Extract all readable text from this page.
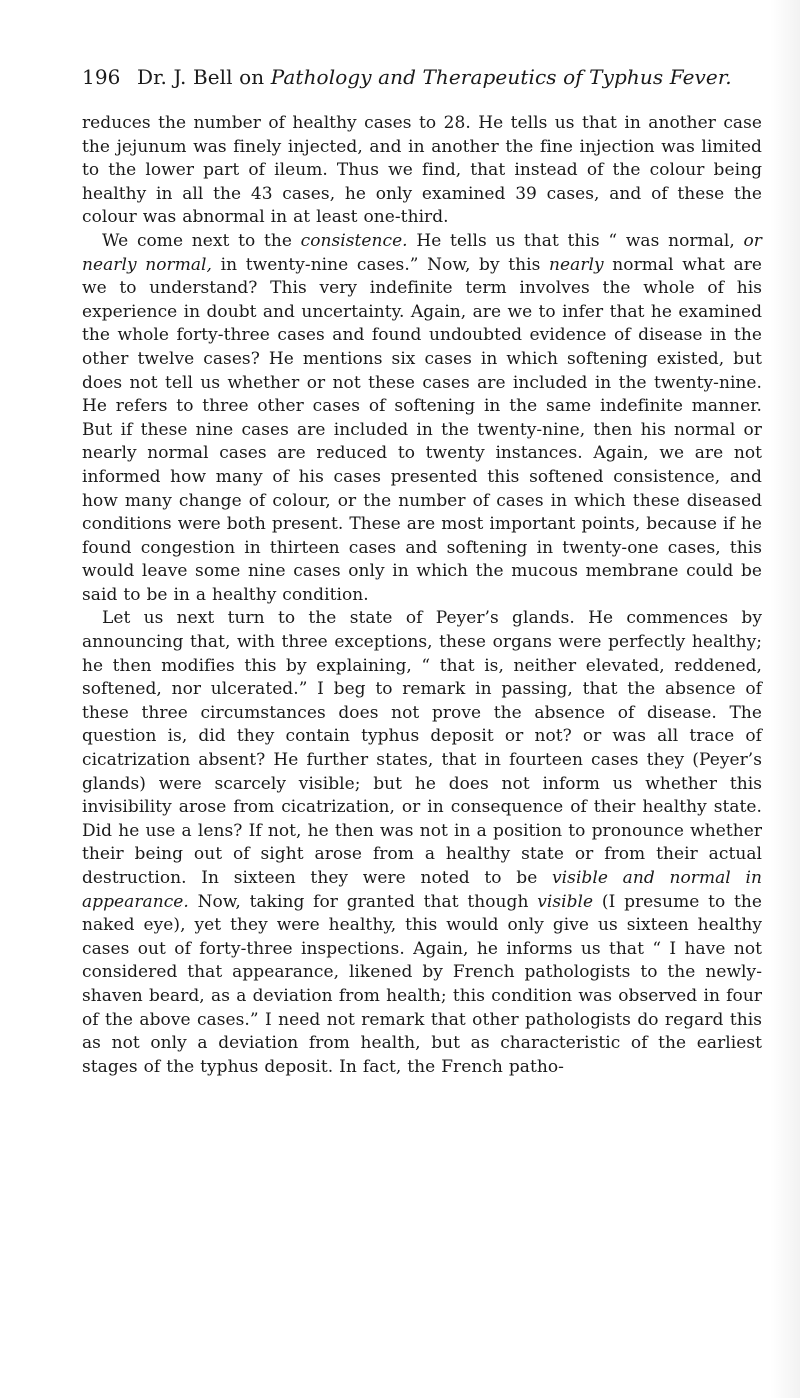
196 Dr. J. Bell on Pathology and Therapeutics of Typhus Fever.

reduces the number of healthy cases to 28. He tells us that in another case the jejunum was finely injected, and in another the fine injection was limited to the lower part of ileum. Thus we find, that instead of the colour being healthy in all the 43 cases, he only examined 39 cases, and of these the colour was abnormal in at least one-third.

We come next to the consistence. He tells us that this “ was normal, or nearly normal, in twenty-nine cases.” Now, by this nearly normal what are we to understand? This very indefinite term involves the whole of his experience in doubt and uncertainty. Again, are we to infer that he examined the whole forty-three cases and found undoubted evidence of disease in the other twelve cases? He mentions six cases in which softening existed, but does not tell us whether or not these cases are included in the twenty-nine. He refers to three other cases of softening in the same indefinite manner. But if these nine cases are included in the twenty-nine, then his normal or nearly normal cases are reduced to twenty instances. Again, we are not informed how many of his cases presented this softened consistence, and how many change of colour, or the number of cases in which these diseased conditions were both present. These are most important points, because if he found congestion in thirteen cases and softening in twenty-one cases, this would leave some nine cases only in which the mucous membrane could be said to be in a healthy condition.

Let us next turn to the state of Peyer’s glands. He commences by announcing that, with three exceptions, these organs were perfectly healthy; he then modifies this by explaining, “ that is, neither elevated, reddened, softened, nor ulcerated.” I beg to remark in passing, that the absence of these three circumstances does not prove the absence of disease. The question is, did they contain typhus deposit or not? or was all trace of cicatrization absent? He further states, that in fourteen cases they (Peyer’s glands) were scarcely visible; but he does not inform us whether this invisibility arose from cicatrization, or in consequence of their healthy state. Did he use a lens? If not, he then was not in a position to pronounce whether their being out of sight arose from a healthy state or from their actual destruction. In sixteen they were noted to be visible and normal in appearance. Now, taking for granted that though visible (I presume to the naked eye), yet they were healthy, this would only give us sixteen healthy cases out of forty-three inspections. Again, he informs us that “ I have not considered that appearance, likened by French pathologists to the newly-shaven beard, as a deviation from health; this condition was observed in four of the above cases.” I need not remark that other pathologists do regard this as not only a deviation from health, but as characteristic of the earliest stages of the typhus deposit. In fact, the French patho-
